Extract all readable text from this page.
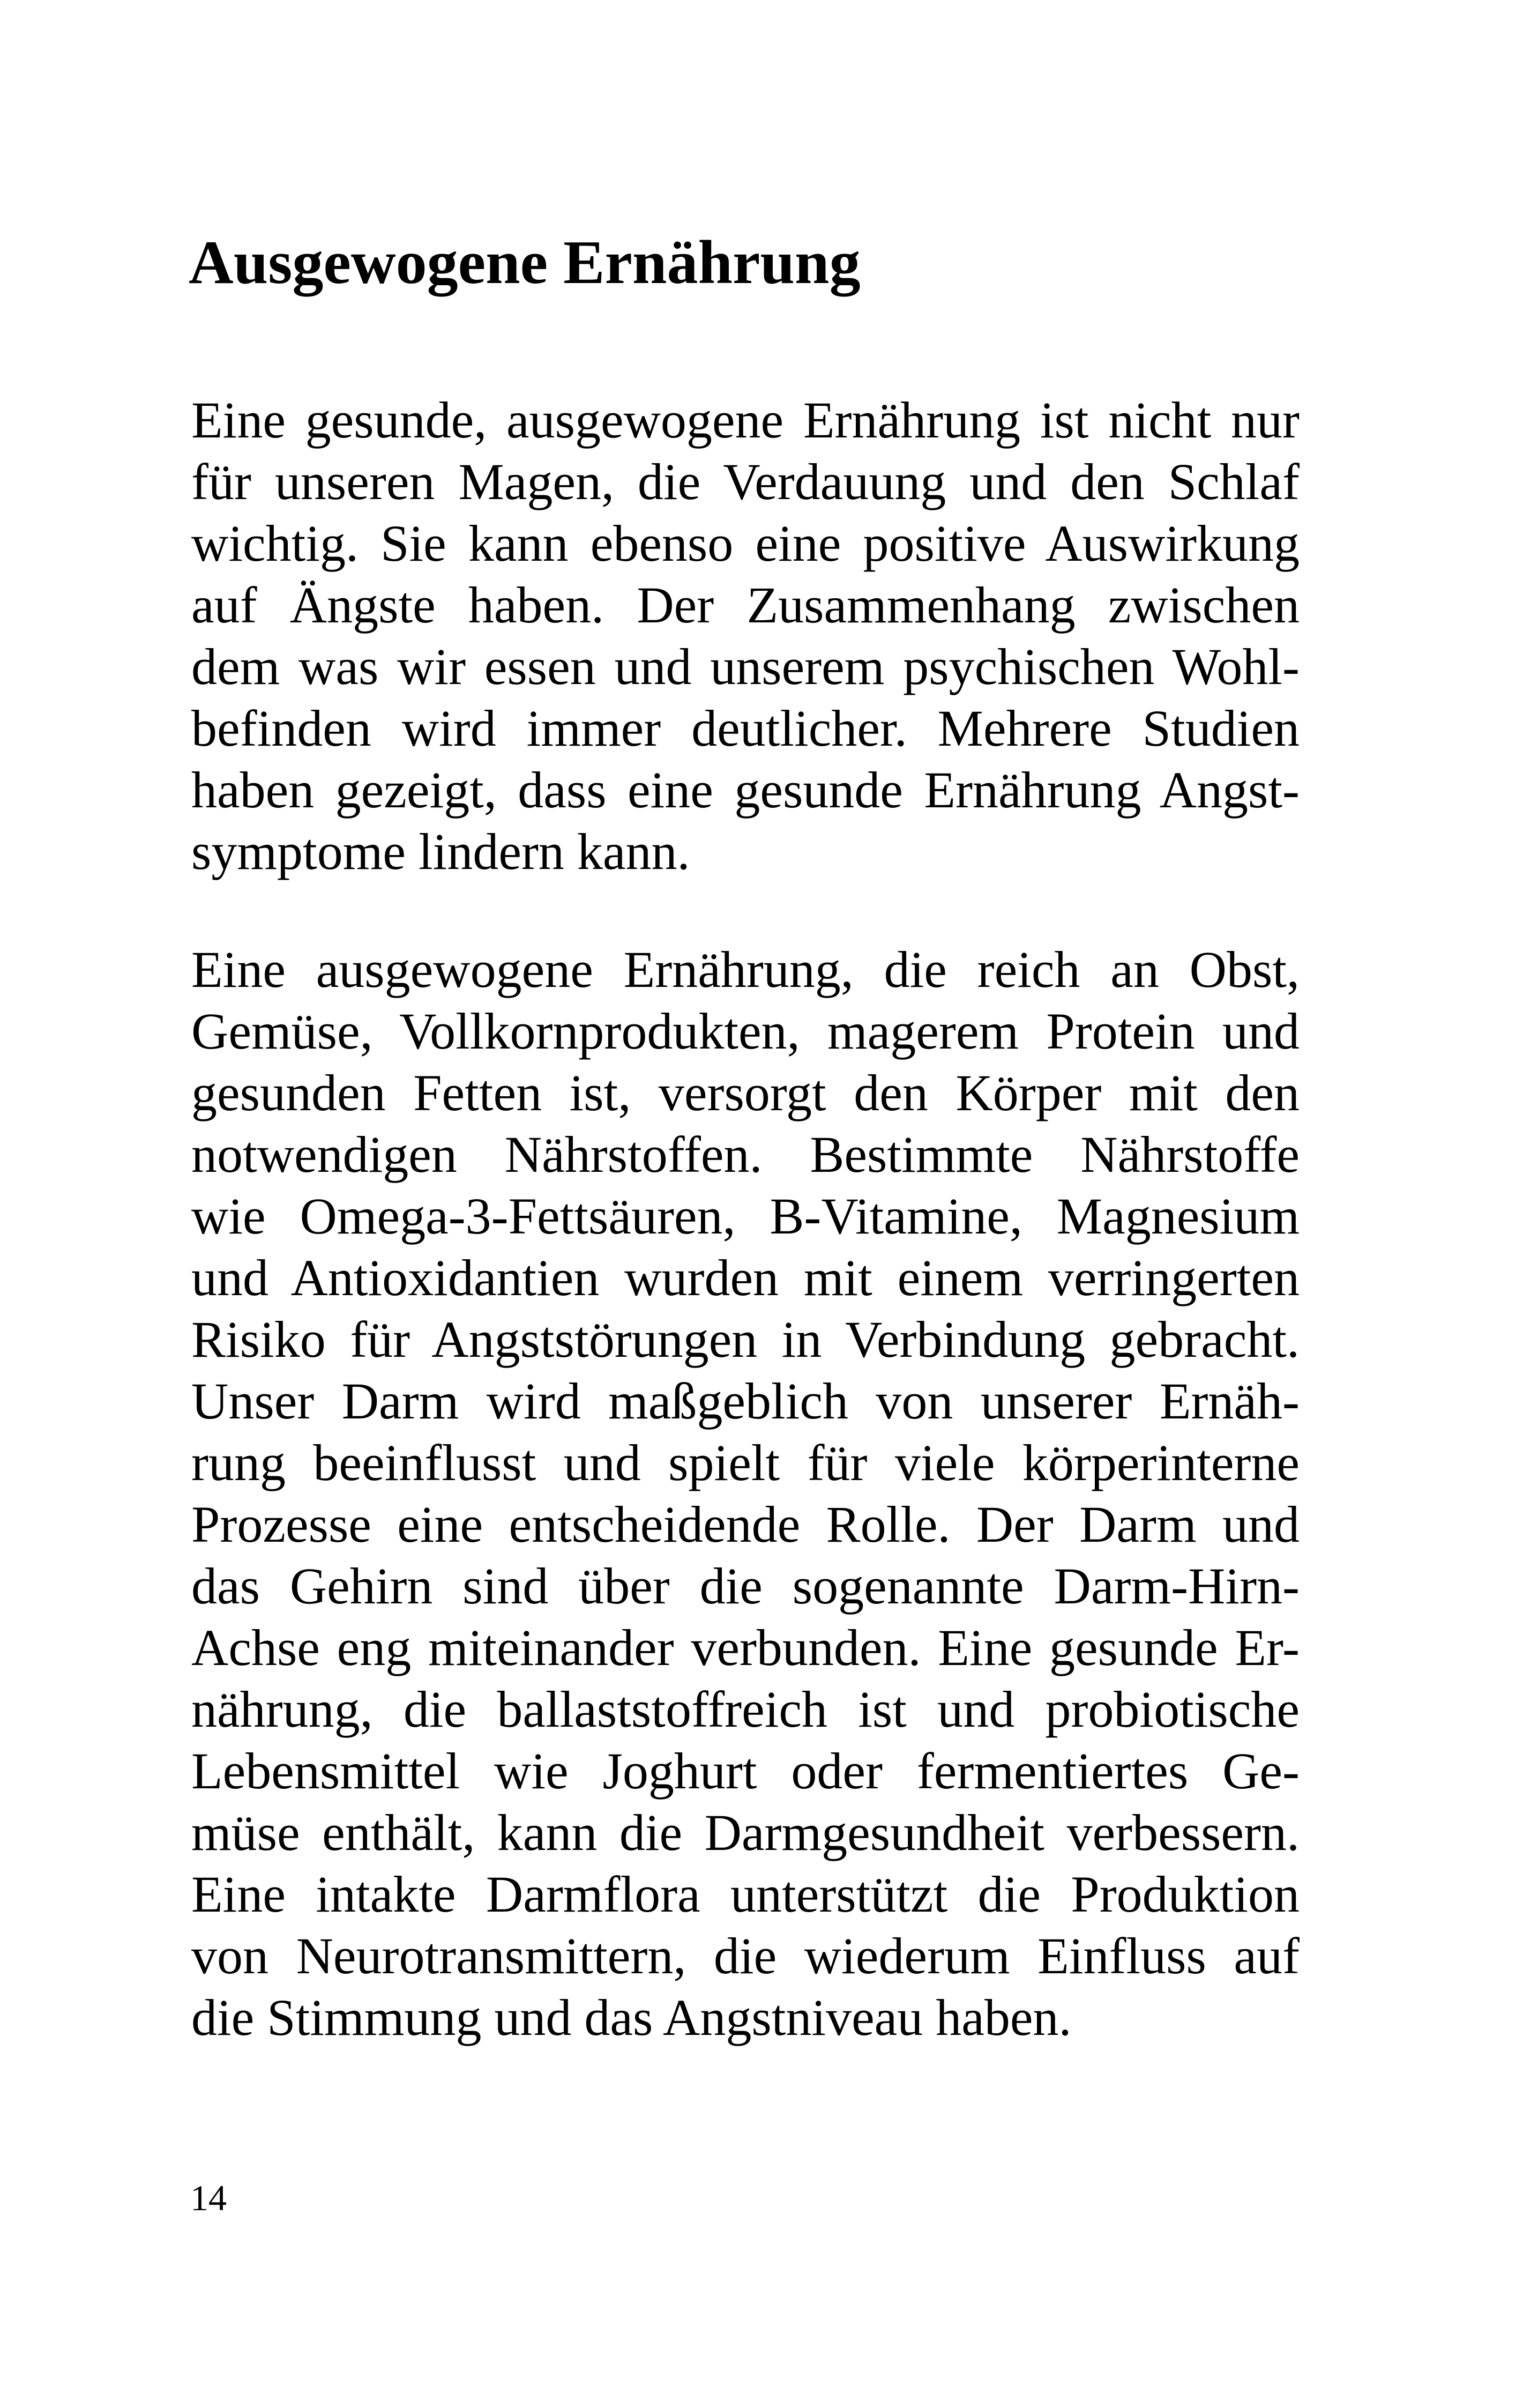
Ausgewogene Ernährung

Eine gesunde, ausgewogene Ernährung ist nicht nur
für unseren Magen, die Verdauung und den Schlaf
wichtig. Sie kann ebenso eine positive Auswirkung
auf Ängste haben. Der Zusammenhang zwischen
dem was wir essen und unserem psychischen Wohl-
befinden wird immer deutlicher. Mehrere Studien
haben gezeigt, dass eine gesunde Ernährung Angst-
symptome lindern kann.

Eine ausgewogene Ernährung, die reich an Obst,
Gemüse, Vollkornprodukten, magerem Protein und
gesunden Fetten ist, versorgt den Körper mit den
notwendigen Nährstoffen. Bestimmte Nährstoffe
wie Omega-3-Fettsäuren, B-Vitamine, Magnesium
und Antioxidantien wurden mit einem verringerten
Risiko für Angststörungen in Verbindung gebracht.
Unser Darm wird maßgeblich von unserer Ernäh-
rung beeinflusst und spielt für viele körperinterne
Prozesse eine entscheidende Rolle. Der Darm und
das Gehirn sind über die sogenannte Darm-Hirn-
Achse eng miteinander verbunden. Eine gesunde Er-
nährung, die ballaststoffreich ist und probiotische
Lebensmittel wie Joghurt oder fermentiertes Ge-
müse enthält, kann die Darmgesundheit verbessern.
Eine intakte Darmflora unterstützt die Produktion
von Neurotransmittern, die wiederum Einfluss auf
die Stimmung und das Angstniveau haben.

14
